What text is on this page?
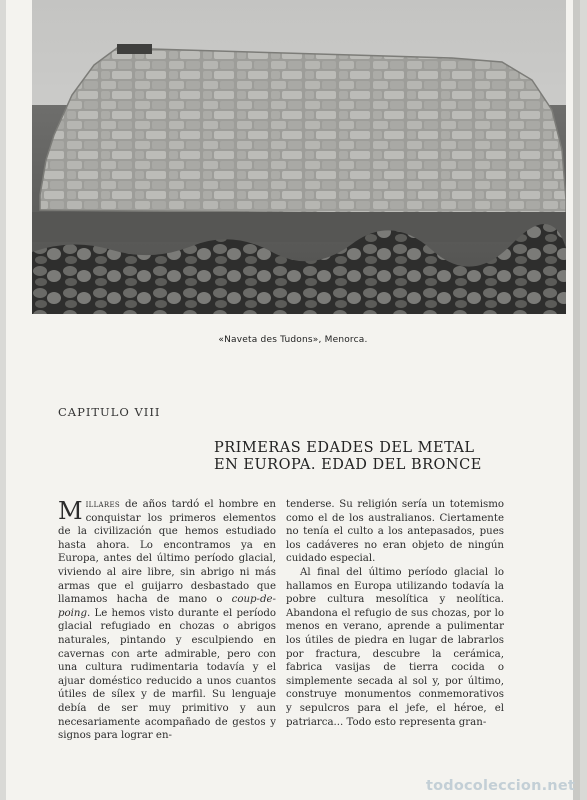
«Naveta des Tudons», Menorca.
CAPITULO VIII
PRIMERAS EDADES DEL METAL
EN EUROPA. EDAD DEL BRONCE

Millares de años tardó el hombre en conquistar los primeros elementos de la civilización que hemos estudiado hasta ahora. Lo encontramos ya en Europa, antes del último período glacial, viviendo al aire libre, sin abrigo ni más armas que el guijarro desbastado que llamamos hacha de mano o coup-de-poing. Le hemos visto durante el período glacial refugiado en chozas o abrigos naturales, pintando y esculpiendo en cavernas con arte admirable, pero con una cultura rudimentaria todavía y el ajuar doméstico reducido a unos cuantos útiles de sílex y de marfil. Su lenguaje debía de ser muy primitivo y aun necesariamente acompañado de gestos y signos para lograr en-

tenderse. Su religión sería un totemismo como el de los australianos. Ciertamente no tenía el culto a los antepasados, pues los cadáveres no eran objeto de ningún cuidado especial.

Al final del último período glacial lo hallamos en Europa utilizando todavía la pobre cultura mesolítica y neolítica. Abandona el refugio de sus chozas, por lo menos en verano, aprende a pulimentar los útiles de piedra en lugar de labrarlos por fractura, descubre la cerámica, fabrica vasijas de tierra cocida o simplemente secada al sol y, por último, construye monumentos conmemorativos y sepulcros para el jefe, el héroe, el patriarca... Todo esto representa gran-

todocoleccion.net
